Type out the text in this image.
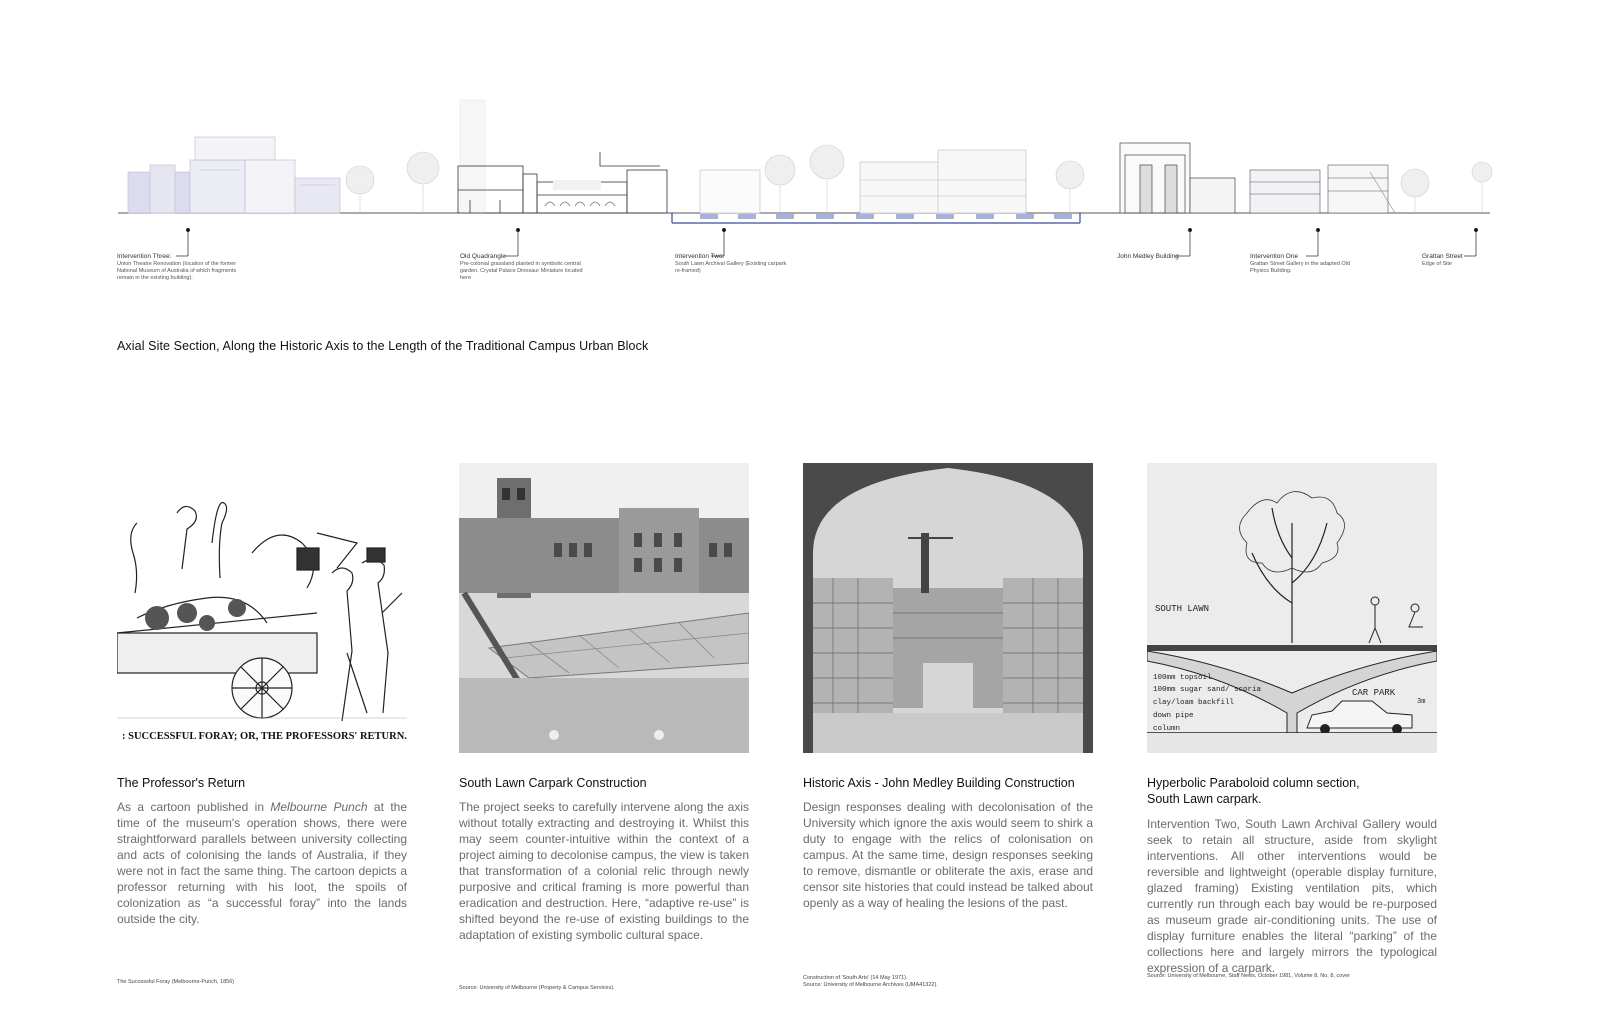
Intervention Three:
Union Theatre Renovation (location of the former National Museum of Australia of which fragments remain in the existing building).
Old Quadrangle
Pre-colonial grassland planted in symbolic central garden. Crystal Palace Dinosaur Miniature located here
Intervention Two:
South Lawn Archival Gallery (Existing carpark re-framed)
John Medley Building	Intervention One
Grattan Street Gallery in the adapted Old Physics Building.
Grattan Street
Edge of Site
Axial Site Section, Along the Historic Axis to the Length of the Traditional Campus Urban Block
: SUCCESSFUL FORAY; OR, THE PROFESSORS' RETURN.
The Professor's Return
As a cartoon published in Melbourne Punch at the time of the museum's operation shows, there were straightforward parallels between university collecting and acts of colonising the lands of Australia, if they were not in fact the same thing. The cartoon depicts a professor returning with his loot, the spoils of colonization as “a successful foray” into the lands outside the city.
The Successful Foray (Melbourne-Punch, 1856)
South Lawn Carpark Construction
The project seeks to carefully intervene along the axis without totally extracting and destroying it. Whilst this may seem counter-intuitive within the context of a project aiming to decolonise campus, the view is taken that transformation of a colonial relic through newly purposive and critical framing is more powerful than eradication and destruction. Here, “adaptive re-use” is shifted beyond the re-use of existing buildings to the adaptation of existing symbolic cultural space.
Source: University of Melbourne (Property & Campus Services).
Historic Axis - John Medley Building Construction
Design responses dealing with decolonisation of the University which ignore the axis would seem to shirk a duty to engage with the relics of colonisation on campus. At the same time, design responses seeking to remove, dismantle or obliterate the axis, erase and censor site histories that could instead be talked about openly as a way of healing the lesions of the past.
Construction of 'South Arts' (14 May 1971).
Source: University of Melbourne Archives (UMA41322).
SOUTH LAWN
CAR PARK
3m
100mm topsoil
100mm sugar sand/ scoria
clay/loam backfill
down pipe
column
Hyperbolic Paraboloid column section,
South Lawn carpark.
Intervention Two, South Lawn Archival Gallery would seek to retain all structure, aside from skylight interventions. All other interventions would be reversible and lightweight (operable display furniture, glazed framing) Existing ventilation pits, which currently run through each bay would be re-purposed as museum grade air-conditioning units. The use of display furniture enables the literal “parking” of the collections here and largely mirrors the typological expression of a carpark.
Source: University of Melbourne, Staff News, October 1981, Volume 8, No. 8, cover
